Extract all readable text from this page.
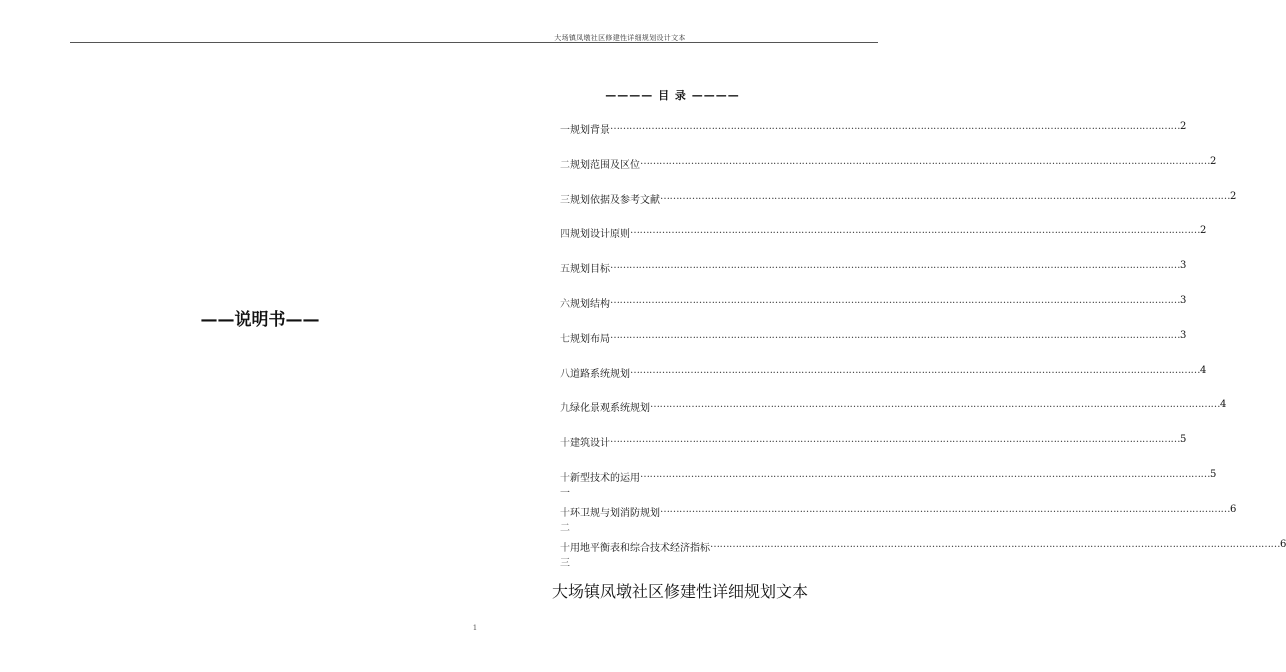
大场镇凤墩社区修建性详细规划设计文本
——说明书——
———— 目 录 ————
一 规划背景 ……………………………………………………………………………………………………………………………………………………………… 2
二 规划范围及区位 ……………………………………………………………………………………………………………………………………………………………… 2
三 规划依据及参考文献 ……………………………………………………………………………………………………………………………………………………………… 2
四 规划设计原则 ……………………………………………………………………………………………………………………………………………………………… 2
五 规划目标 ……………………………………………………………………………………………………………………………………………………………… 3
六 规划结构 ……………………………………………………………………………………………………………………………………………………………… 3
七 规划布局 ……………………………………………………………………………………………………………………………………………………………… 3
八 道路系统规划 ……………………………………………………………………………………………………………………………………………………………… 4
九 绿化景观系统规划 ……………………………………………………………………………………………………………………………………………………………… 4
十 建筑设计 ……………………………………………………………………………………………………………………………………………………………… 5
十一
新型技术的运用 ……………………………………………………………………………………………………………………………………………………………… 5
十二
环卫规与划消防规划 ……………………………………………………………………………………………………………………………………………………………… 6
十三
用地平衡表和综合技术经济指标 ……………………………………………………………………………………………………………………………………………………………… 6
大场镇凤墩社区修建性详细规划文本
1
